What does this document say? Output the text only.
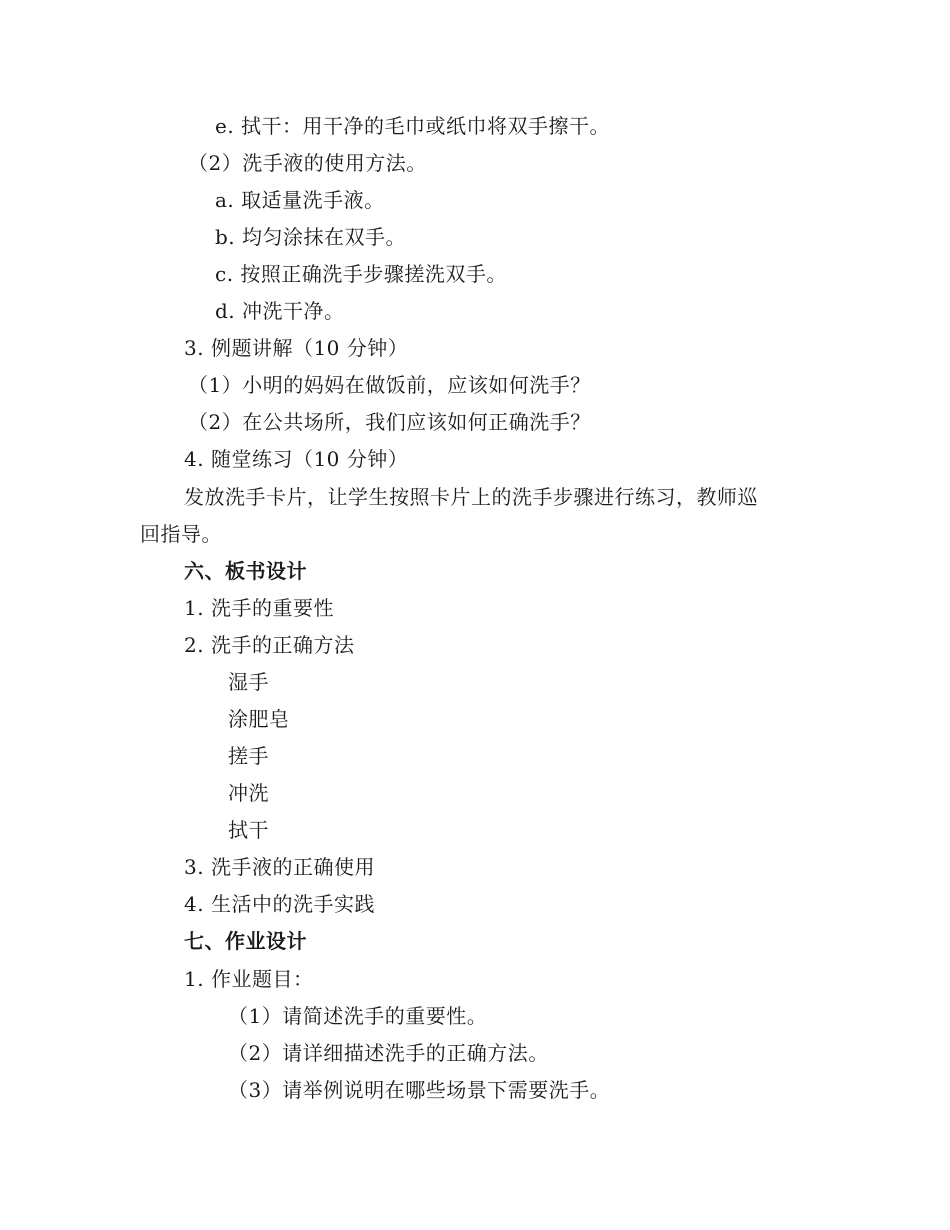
e. 拭干：用干净的毛巾或纸巾将双手擦干。
（2）洗手液的使用方法。
a. 取适量洗手液。
b. 均匀涂抹在双手。
c. 按照正确洗手步骤搓洗双手。
d. 冲洗干净。
3. 例题讲解（10 分钟）
（1）小明的妈妈在做饭前，应该如何洗手？
（2）在公共场所，我们应该如何正确洗手？
4. 随堂练习（10 分钟）
发放洗手卡片，让学生按照卡片上的洗手步骤进行练习，教师巡
回指导。
六、板书设计
1. 洗手的重要性
2. 洗手的正确方法
湿手
涂肥皂
搓手
冲洗
拭干
3. 洗手液的正确使用
4. 生活中的洗手实践
七、作业设计
1. 作业题目：
（1）请简述洗手的重要性。
（2）请详细描述洗手的正确方法。
（3）请举例说明在哪些场景下需要洗手。
